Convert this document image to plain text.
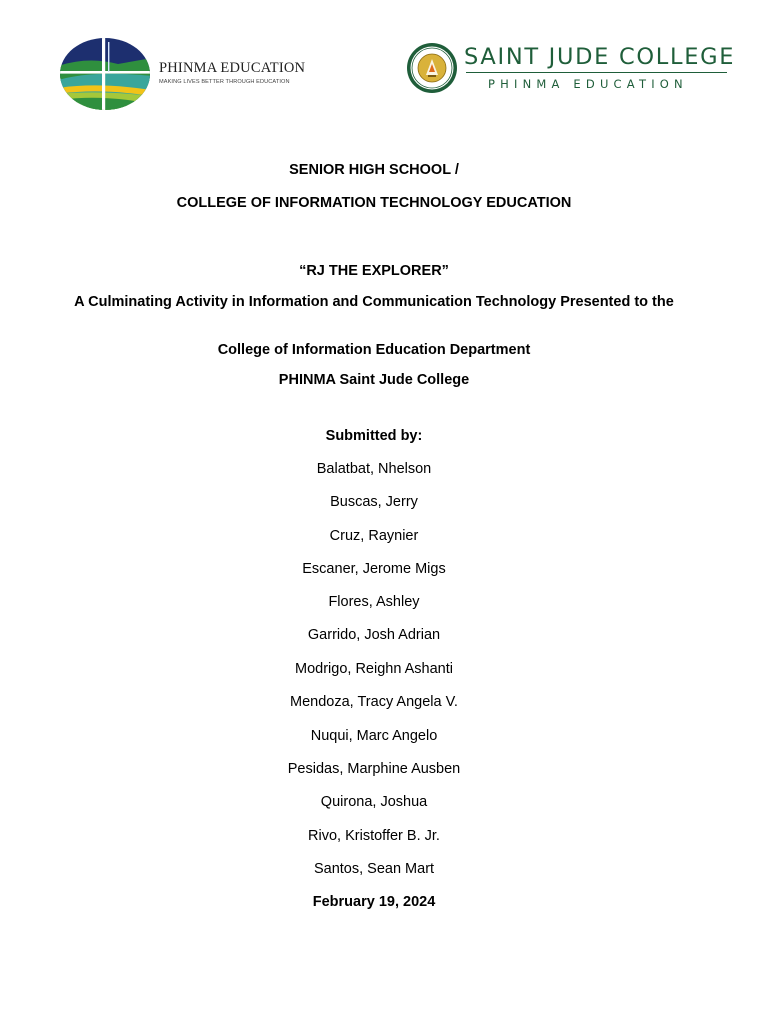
PHINMA EDUCATION
MAKING LIVES BETTER THROUGH EDUCATION
SAINT JUDE COLLEGE
PHINMA EDUCATION
SENIOR HIGH SCHOOL /
COLLEGE OF INFORMATION TECHNOLOGY EDUCATION
“RJ THE EXPLORER”
A Culminating Activity in Information and Communication Technology Presented to the
College of Information Education Department
PHINMA Saint Jude College
Submitted by:
Balatbat, Nhelson
Buscas, Jerry
Cruz, Raynier
Escaner, Jerome Migs
Flores, Ashley
Garrido, Josh Adrian
Modrigo, Reighn Ashanti
Mendoza, Tracy Angela V.
Nuqui, Marc Angelo
Pesidas, Marphine Ausben
Quirona, Joshua
Rivo, Kristoffer B. Jr.
Santos, Sean Mart
February 19, 2024
